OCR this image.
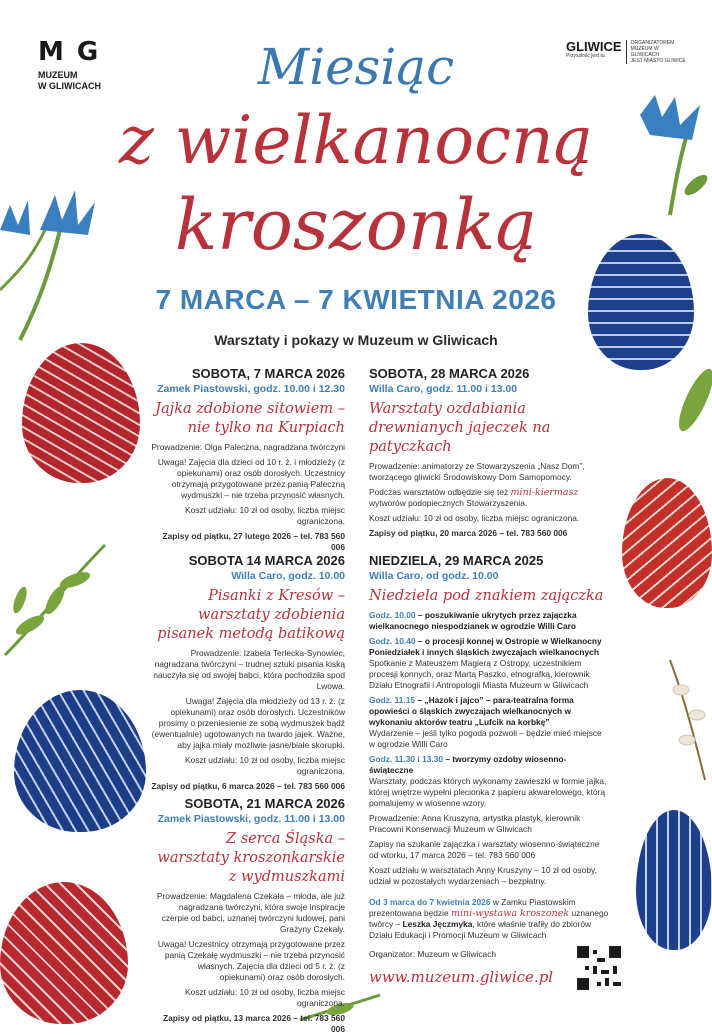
M G
MUZEUM
W GLIWICACH
GLIWICE
Przyszłość jest tu.
ORGANIZATOREM
MUZEUM W GLIWICACH
JEST MIASTO GLIWICE
Miesiąc
z wielkanocną
kroszonką
7 MARCA – 7 KWIETNIA 2026
Warsztaty i pokazy w Muzeum w Gliwicach
SOBOTA, 7 MARCA 2026
Zamek Piastowski, godz. 10.00 i 12.30
Jajka zdobione sitowiem – nie tylko na Kurpiach
Prowadzenie: Olga Paleczna, nagradzana twórczyni
Uwaga! Zajęcia dla dzieci od 10 r. ż. i młodzieży (z opiekunami) oraz osób dorosłych. Uczestnicy otrzymają przygotowane przez panią Paleczną wydmuszki – nie trzeba przynosić własnych.
Koszt udziału: 10 zł od osoby, liczba miejsc ograniczona.
Zapisy od piątku, 27 lutego 2026 – tel. 783 560 006
SOBOTA 14 MARCA 2026
Willa Caro, godz. 10.00
Pisanki z Kresów – warsztaty zdobienia pisanek metodą batikową
Prowadzenie: Izabela Terlecka-Synowiec, nagradzana twórczyni – trudnej sztuki pisania kiską nauczyła się od swojej babci, która pochodziła spod Lwowa.
Uwaga! Zajęcia dla młodzieży od 13 r. ż. (z opiekunami) oraz osób dorosłych. Uczestników prosimy o przeniesienie ze sobą wydmuszek bądź (ewentualnie) ugotowanych na twardo jajek. Ważne, aby jajka miały możliwie jasne/białe skorupki.
Koszt udziału: 10 zł od osoby, liczba miejsc ograniczona.
Zapisy od piątku, 6 marca 2026 – tel. 783 560 006
SOBOTA, 21 MARCA 2026
Zamek Piastowski, godz. 11.00 i 13.00
Z serca Śląska – warsztaty kroszonkarskie z wydmuszkami
Prowadzenie: Magdalena Czekała – młoda, ale już nagradzana twórczyni, która swoje inspiracje czerpie od babci, uznanej twórczyni ludowej, pani Grażyny Czekały.
Uwaga! Uczestnicy otrzymają przygotowane przez panią Czekałę wydmuszki – nie trzeba przynosić własnych. Zajęcia dla dzieci od 5 r. ż. (z opiekunami) oraz osób dorosłych.
Koszt udziału: 10 zł od osoby, liczba miejsc ograniczona.
Zapisy od piątku, 13 marca 2026 – tel. 783 560 006
SOBOTA, 28 MARCA 2026
Willa Caro, godz. 11.00 i 13.00
Warsztaty ozdabiania drewnianych jajeczek na patyczkach
Prowadzenie: animatorzy ze Stowarzyszenia „Nasz Dom”, tworzącego gliwicki Środowiskowy Dom Samopomocy.
Podczas warsztatów odbędzie się też mini-kiermasz wytworów podopiecznych Stowarzyszenia.
Koszt udziału: 10 zł od osoby, liczba miejsc ograniczona.
Zapisy od piątku, 20 marca 2026 – tel. 783 560 006
NIEDZIELA, 29 MARCA 2025
Willa Caro, od godz. 10.00
Niedziela pod znakiem zajączka
Godz. 10.00 – poszukiwanie ukrytych przez zajączka wielkanocnego niespodzianek w ogrodzie Willi Caro
Godz. 10.40 – o procesji konnej w Ostropie w Wielkanocny Poniedziałek i innych śląskich zwyczajach wielkanocnych
Spotkanie z Mateuszem Magierą z Ostropy, uczestnikiem procesji konnych, oraz Martą Paszko, etnografką, kierownik Działu Etnografii i Antropologii Miasta Muzeum w Gliwicach
Godz. 11.15 – „Hazok i jajco” – para-teatralna forma opowieści o śląskich zwyczajach wielkanocnych w wykonaniu aktorów teatru „Lufcik na korbkę”
Wydarzenie – jeśli tylko pogoda pozwoli – będzie mieć miejsce w ogrodzie Willi Caro
Godz. 11.30 i 13.30 – tworzymy ozdoby wiosenno-świąteczne
Warsztaty, podczas których wykonamy zawieszki w formie jajka, której wnętrze wypełni plecionka z papieru akwarelowego, którą pomalujemy w wiosenne wzory.
Prowadzenie: Anna Kruszyna, artystka plastyk, kierownik Pracowni Konserwacji Muzeum w Gliwicach
Zapisy na szukanie zajączka i warsztaty wiosenno-świąteczne od wtorku, 17 marca 2026 – tel. 783 560 006
Koszt udziału w warsztatach Anny Kruszyny – 10 zł od osoby, udział w pozostałych wydarzeniach – bezpłatny.
Od 3 marca do 7 kwietnia 2026 w Zamku Piastowskim prezentowana będzie mini-wystawa kroszonek uznanego twórcy – Leszka Jęczmyka, które właśnie trafiły do zbiorów Działu Edukacji i Promocji Muzeum w Gliwicach
Organizator: Muzeum w Gliwicach
www.muzeum.gliwice.pl
